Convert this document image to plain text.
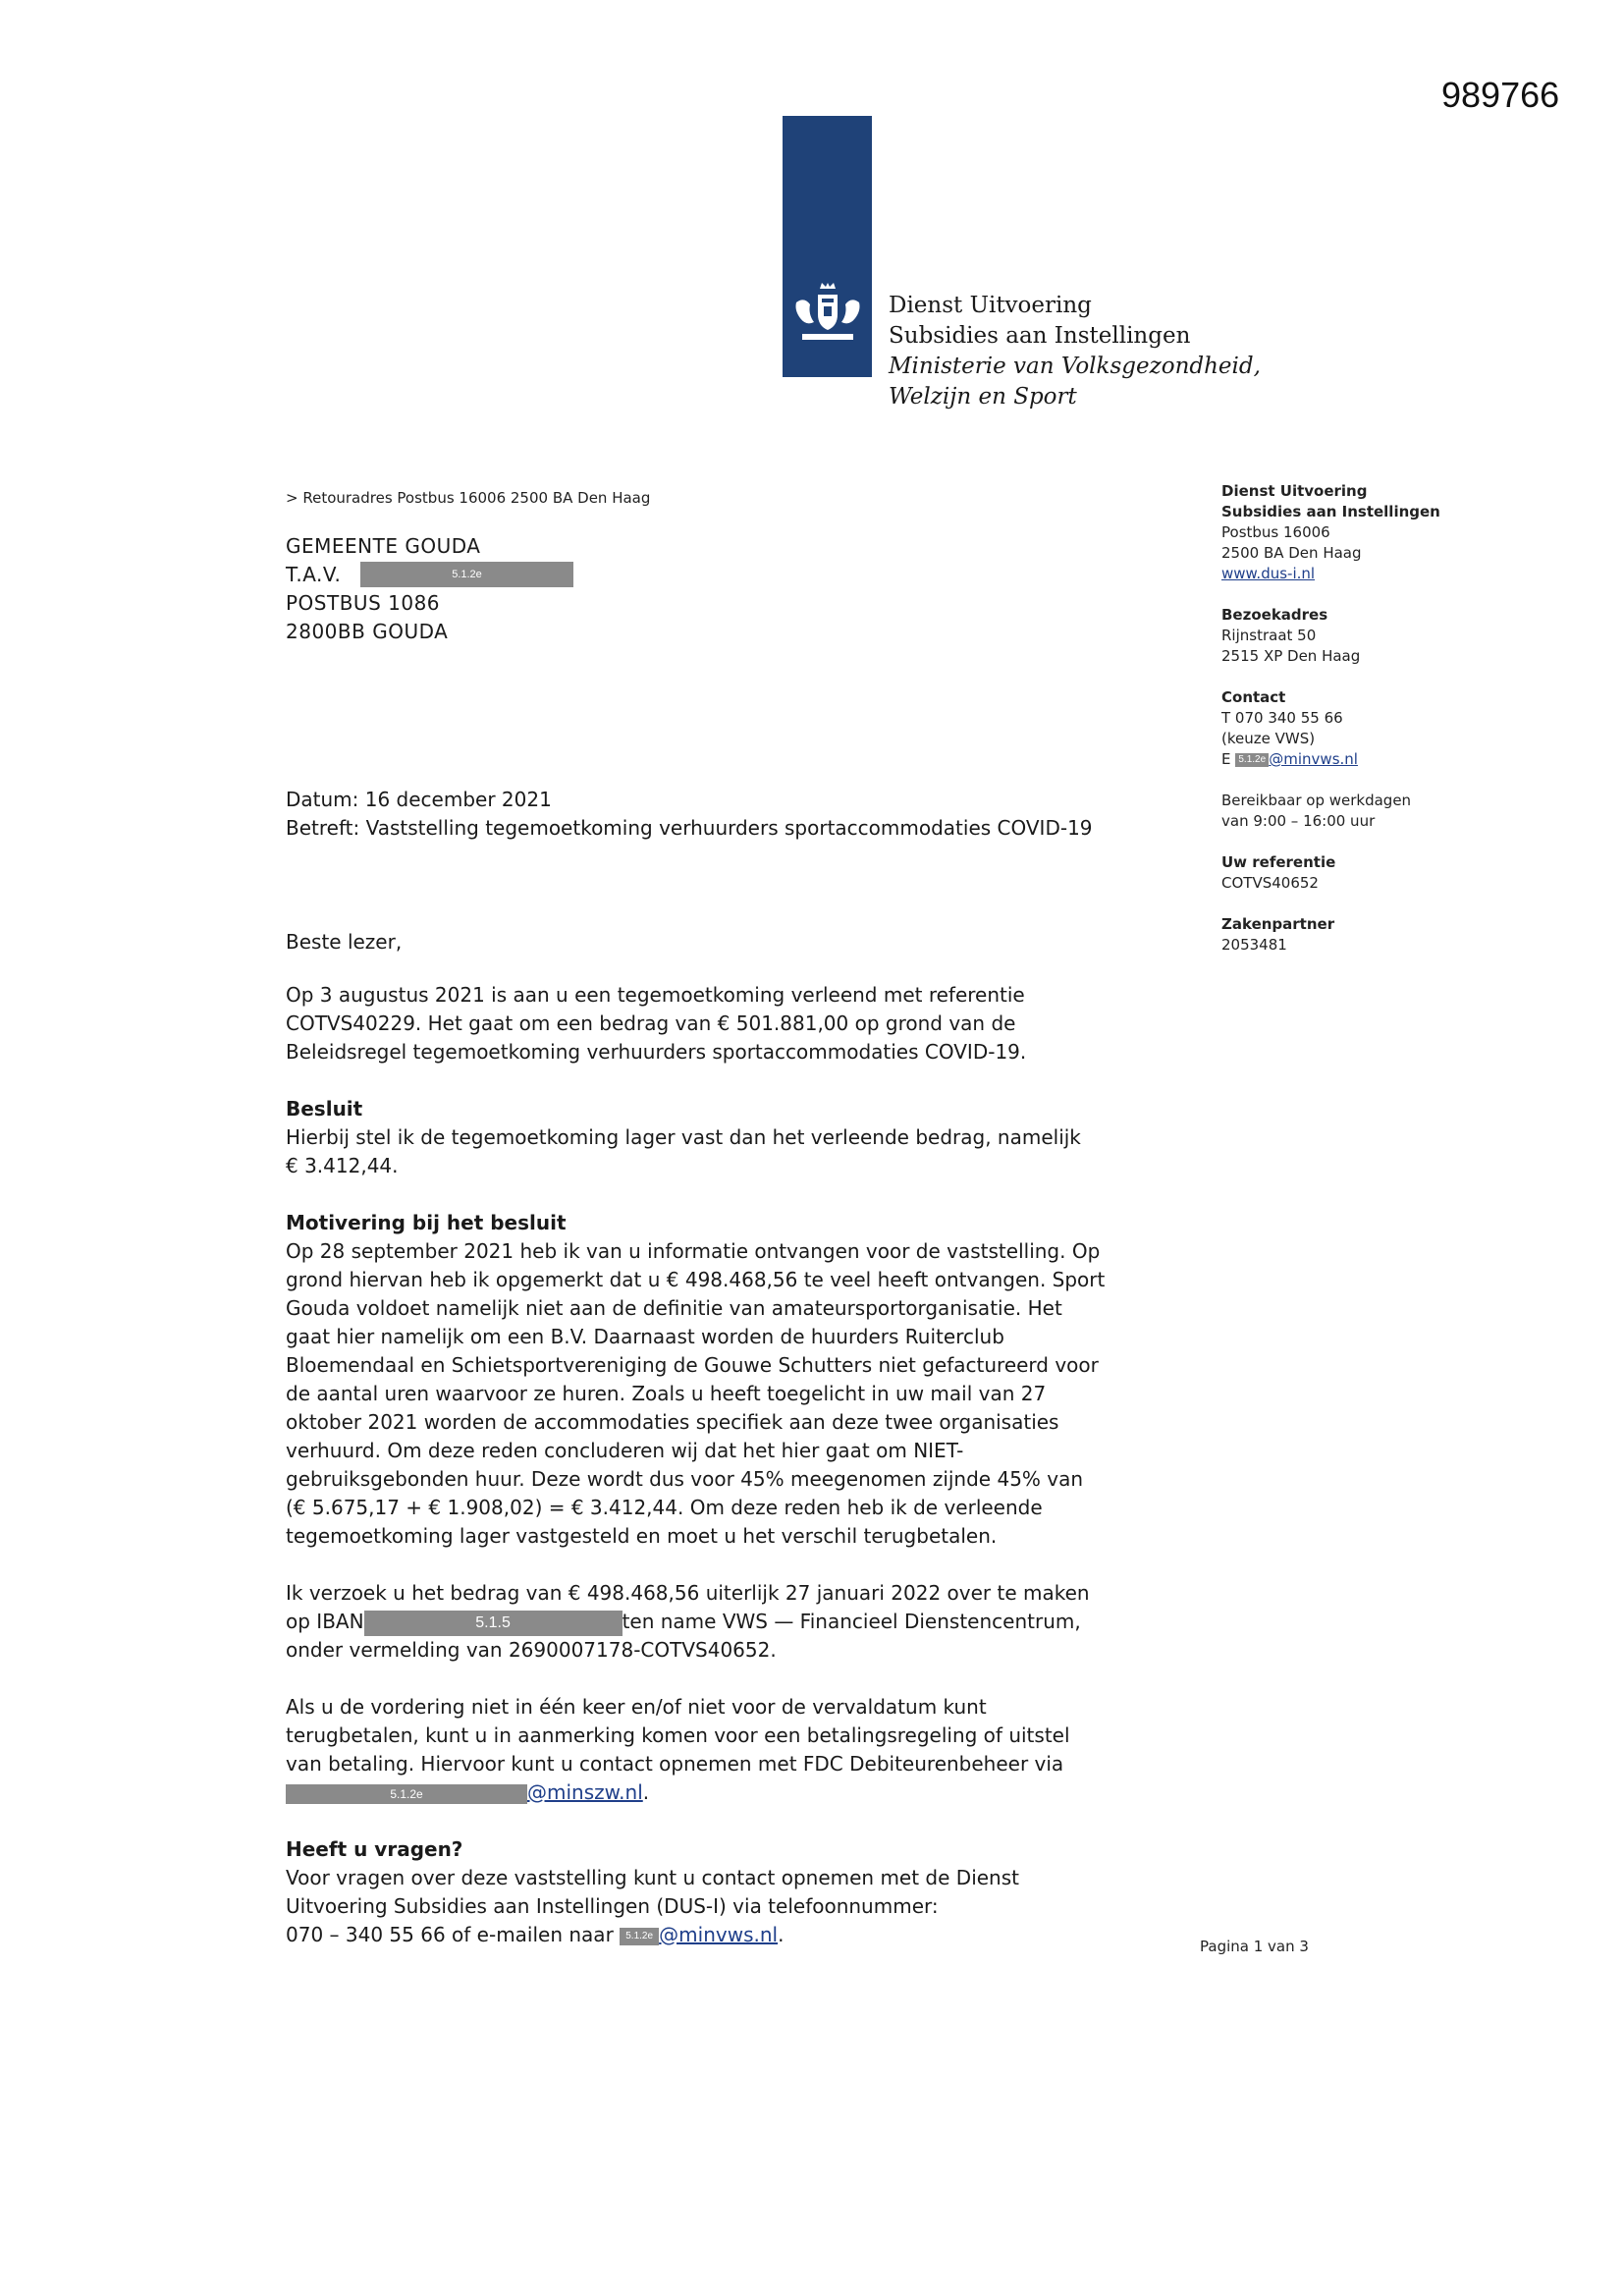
989766
Dienst Uitvoering
Subsidies aan Instellingen
Ministerie van Volksgezondheid,
Welzijn en Sport
> Retouradres Postbus 16006 2500 BA Den Haag
GEMEENTE GOUDA
T.A.V.	5.1.2e
POSTBUS 1086
2800BB GOUDA
Dienst Uitvoering
Subsidies aan Instellingen
Postbus 16006
2500 BA Den Haag
www.dus-i.nl
Bezoekadres
Rijnstraat 50
2515 XP Den Haag
Contact
T 070 340 55 66
(keuze VWS)
E 5.1.2e @minvws.nl
Bereikbaar op werkdagen
van 9:00 – 16:00 uur
Uw referentie
COTVS40652
Zakenpartner
2053481

Datum: 16 december 2021

Betreft: Vaststelling tegemoetkoming verhuurders sportaccommodaties COVID-19

Beste lezer,

Op 3 augustus 2021 is aan u een tegemoetkoming verleend met referentie

COTVS40229. Het gaat om een bedrag van € 501.881,00 op grond van de

Beleidsregel tegemoetkoming verhuurders sportaccommodaties COVID-19.

Besluit

Hierbij stel ik de tegemoetkoming lager vast dan het verleende bedrag, namelijk

€ 3.412,44.

Motivering bij het besluit

Op 28 september 2021 heb ik van u informatie ontvangen voor de vaststelling. Op

grond hiervan heb ik opgemerkt dat u € 498.468,56 te veel heeft ontvangen. Sport

Gouda voldoet namelijk niet aan de definitie van amateursportorganisatie. Het

gaat hier namelijk om een B.V. Daarnaast worden de huurders Ruiterclub

Bloemendaal en Schietsportvereniging de Gouwe Schutters niet gefactureerd voor

de aantal uren waarvoor ze huren. Zoals u heeft toegelicht in uw mail van 27

oktober 2021 worden de accommodaties specifiek aan deze twee organisaties

verhuurd. Om deze reden concluderen wij dat het hier gaat om NIET-

gebruiksgebonden huur. Deze wordt dus voor 45% meegenomen zijnde 45% van

(€ 5.675,17 + € 1.908,02) = € 3.412,44. Om deze reden heb ik de verleende

tegemoetkoming lager vastgesteld en moet u het verschil terugbetalen.

Ik verzoek u het bedrag van € 498.468,56 uiterlijk 27 januari 2022 over te maken

op IBAN	5.1.5	ten name VWS — Financieel Dienstencentrum,

onder vermelding van 2690007178-COTVS40652.

Als u de vordering niet in één keer en/of niet voor de vervaldatum kunt

terugbetalen, kunt u in aanmerking komen voor een betalingsregeling of uitstel

van betaling. Hiervoor kunt u contact opnemen met FDC Debiteurenbeheer via

5.1.2e	@minszw.nl.

Heeft u vragen?

Voor vragen over deze vaststelling kunt u contact opnemen met de Dienst

Uitvoering Subsidies aan Instellingen (DUS-I) via telefoonnummer:

070 – 340 55 66 of e-mailen naar 5.1.2e @minvws.nl.	Pagina 1 van 3
